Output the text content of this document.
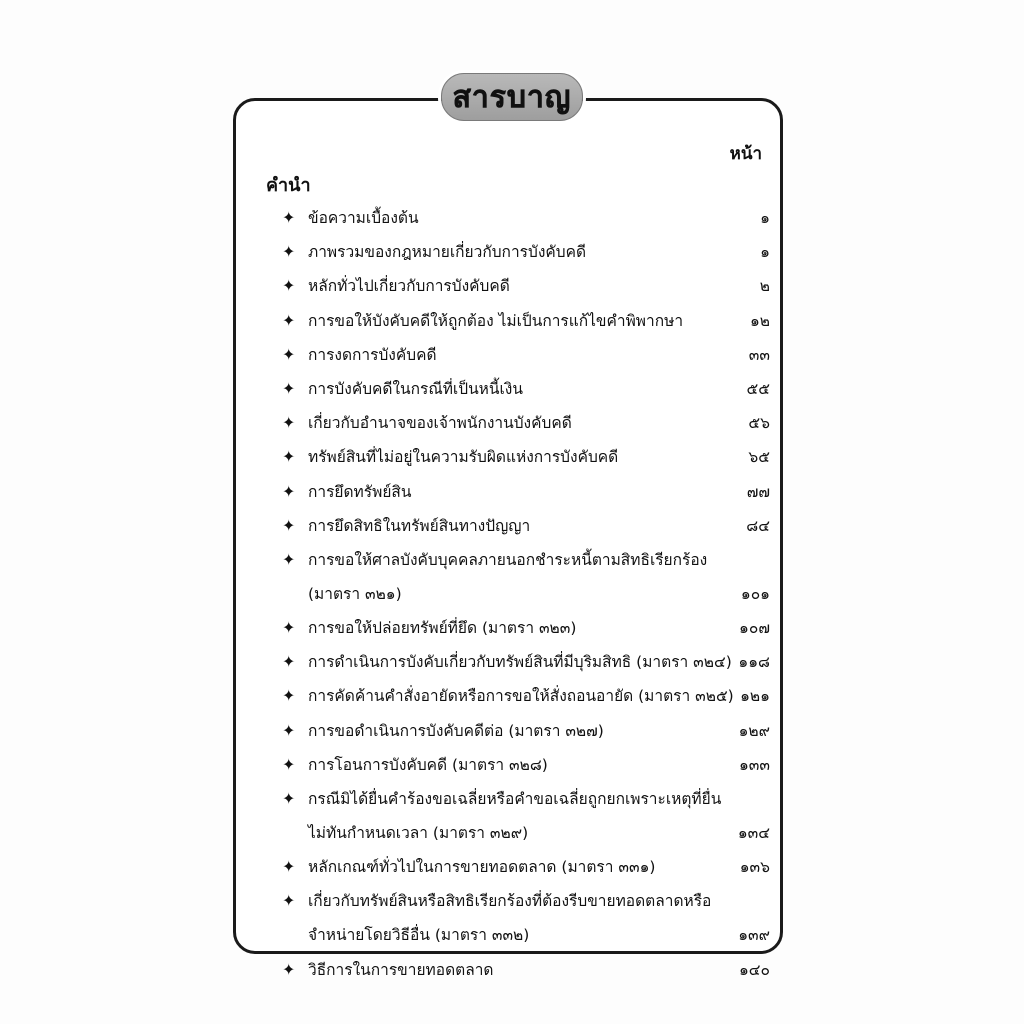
สารบาญ
หน้า
คำนำ
✦ ข้อความเบื้องต้น	๑
✦ ภาพรวมของกฎหมายเกี่ยวกับการบังคับคดี	๑
✦ หลักทั่วไปเกี่ยวกับการบังคับคดี	๒
✦ การขอให้บังคับคดีให้ถูกต้อง ไม่เป็นการแก้ไขคำพิพากษา	๑๒
✦ การงดการบังคับคดี	๓๓
✦ การบังคับคดีในกรณีที่เป็นหนี้เงิน	๕๕
✦ เกี่ยวกับอำนาจของเจ้าพนักงานบังคับคดี	๕๖
✦ ทรัพย์สินที่ไม่อยู่ในความรับผิดแห่งการบังคับคดี	๖๕
✦ การยึดทรัพย์สิน	๗๗
✦ การยึดสิทธิในทรัพย์สินทางปัญญา	๘๔
✦ การขอให้ศาลบังคับบุคคลภายนอกชำระหนี้ตามสิทธิเรียกร้อง
(มาตรา ๓๒๑)	๑๐๑
✦ การขอให้ปล่อยทรัพย์ที่ยึด (มาตรา ๓๒๓)	๑๐๗
✦ การดำเนินการบังคับเกี่ยวกับทรัพย์สินที่มีบุริมสิทธิ (มาตรา ๓๒๔) ๑๑๘
✦ การคัดค้านคำสั่งอายัดหรือการขอให้สั่งถอนอายัด (มาตรา ๓๒๕) ๑๒๑
✦ การขอดำเนินการบังคับคดีต่อ (มาตรา ๓๒๗)	๑๒๙
✦ การโอนการบังคับคดี (มาตรา ๓๒๘)	๑๓๓
✦ กรณีมิได้ยื่นคำร้องขอเฉลี่ยหรือคำขอเฉลี่ยถูกยกเพราะเหตุที่ยื่น
ไม่ทันกำหนดเวลา (มาตรา ๓๒๙)	๑๓๔
✦ หลักเกณฑ์ทั่วไปในการขายทอดตลาด (มาตรา ๓๓๑)	๑๓๖
✦ เกี่ยวกับทรัพย์สินหรือสิทธิเรียกร้องที่ต้องรีบขายทอดตลาดหรือ
จำหน่ายโดยวิธีอื่น (มาตรา ๓๓๒)	๑๓๙
✦ วิธีการในการขายทอดตลาด	๑๔๐
